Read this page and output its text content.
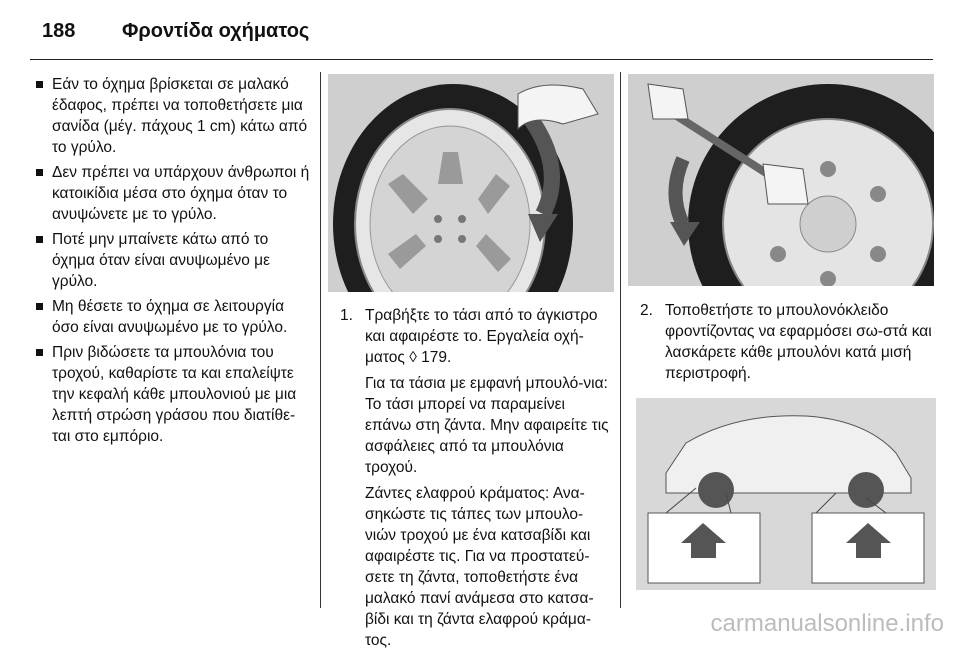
188 Φροντίδα οχήματος
Εάν το όχημα βρίσκεται σε μαλακό έδαφος, πρέπει να τοποθετήσετε μια σανίδα (μέγ. πάχους 1 cm) κάτω από το γρύλο.
Δεν πρέπει να υπάρχουν άνθρωποι ή κατοικίδια μέσα στο όχημα όταν το ανυψώνετε με το γρύλο.
Ποτέ μην μπαίνετε κάτω από το όχημα όταν είναι ανυψωμένο με γρύλο.
Μη θέσετε το όχημα σε λειτουργία όσο είναι ανυψωμένο με το γρύλο.
Πριν βιδώσετε τα μπουλόνια του τροχού, καθαρίστε τα και επαλείψτε την κεφαλή κάθε μπουλονιού με μια λεπτή στρώση γράσου που διατίθε-ται στο εμπόριο.
1. Τραβήξτε το τάσι από το άγκιστρο και αφαιρέστε το. Εργαλεία οχή-ματος ◊ 179.
Για τα τάσια με εμφανή μπουλό-νια: Το τάσι μπορεί να παραμείνει επάνω στη ζάντα. Μην αφαιρείτε τις ασφάλειες από τα μπουλόνια τροχού.
Ζάντες ελαφρού κράματος: Ανα-σηκώστε τις τάπες των μπουλο-νιών τροχού με ένα κατσαβίδι και αφαιρέστε τις. Για να προστατεύ-σετε τη ζάντα, τοποθετήστε ένα μαλακό πανί ανάμεσα στο κατσα-βίδι και τη ζάντα ελαφρού κράμα-τος.
2. Τοποθετήστε το μπουλονόκλειδο φροντίζοντας να εφαρμόσει σω-στά και λασκάρετε κάθε μπουλόνι κατά μισή περιστροφή.
carmanualsonline.info
